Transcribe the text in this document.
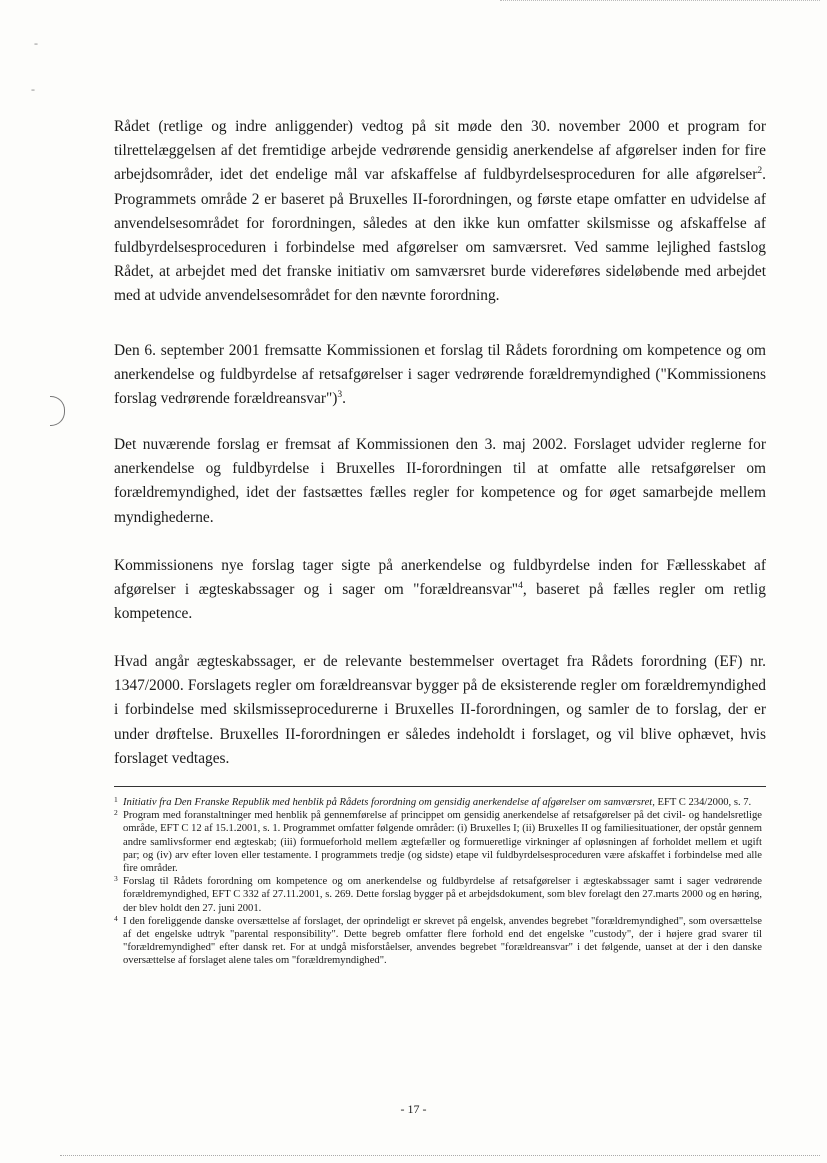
-
-

Rådet (retlige og indre anliggender) vedtog på sit møde den 30. november 2000 et program for tilrettelæggelsen af det fremtidige arbejde vedrørende gensidig anerkendelse af afgørelser inden for fire arbejdsområder, idet det endelige mål var afskaffelse af fuldbyrdelsesproceduren for alle afgørelser$^2$. Programmets område 2 er baseret på Bruxelles II-forordningen, og første etape omfatter en udvidelse af anvendelsesområdet for forordningen, således at den ikke kun omfatter skilsmisse og afskaffelse af fuldbyrdelsesproceduren i forbindelse med afgørelser om samværsret. Ved samme lejlighed fastslog Rådet, at arbejdet med det franske initiativ om samværsret burde videreføres sideløbende med arbejdet med at udvide anvendelsesområdet for den nævnte forordning.

Den 6. september 2001 fremsatte Kommissionen et forslag til Rådets forordning om kompetence og om anerkendelse og fuldbyrdelse af retsafgørelser i sager vedrørende forældremyndighed ("Kommissionens forslag vedrørende forældreansvar")$^3$.

Det nuværende forslag er fremsat af Kommissionen den 3. maj 2002. Forslaget udvider reglerne for anerkendelse og fuldbyrdelse i Bruxelles II-forordningen til at omfatte alle retsafgørelser om forældremyndighed, idet der fastsættes fælles regler for kompetence og for øget samarbejde mellem myndighederne.

Kommissionens nye forslag tager sigte på anerkendelse og fuldbyrdelse inden for Fællesskabet af afgørelser i ægteskabssager og i sager om "forældreansvar"$^4$, baseret på fælles regler om retlig kompetence.

Hvad angår ægteskabssager, er de relevante bestemmelser overtaget fra Rådets forordning (EF) nr. 1347/2000. Forslagets regler om forældreansvar bygger på de eksisterende regler om forældremyndighed i forbindelse med skilsmisseprocedurerne i Bruxelles II-forordningen, og samler de to forslag, der er under drøftelse. Bruxelles II-forordningen er således indeholdt i forslaget, og vil blive ophævet, hvis forslaget vedtages.

1 Initiativ fra Den Franske Republik med henblik på Rådets forordning om gensidig anerkendelse af afgørelser om samværsret, EFT C 234/2000, s. 7.

2 Program med foranstaltninger med henblik på gennemførelse af princippet om gensidig anerkendelse af retsafgørelser på det civil- og handelsretlige område, EFT C 12 af 15.1.2001, s. 1. Programmet omfatter følgende områder: (i) Bruxelles I; (ii) Bruxelles II og familiesituationer, der opstår gennem andre samlivsformer end ægteskab; (iii) formueforhold mellem ægtefæller og formueretlige virkninger af opløsningen af forholdet mellem et ugift par; og (iv) arv efter loven eller testamente. I programmets tredje (og sidste) etape vil fuldbyrdelsesproceduren være afskaffet i forbindelse med alle fire områder.

3 Forslag til Rådets forordning om kompetence og om anerkendelse og fuldbyrdelse af retsafgørelser i ægteskabssager samt i sager vedrørende forældremyndighed, EFT C 332 af 27.11.2001, s. 269. Dette forslag bygger på et arbejdsdokument, som blev forelagt den 27.marts 2000 og en høring, der blev holdt den 27. juni 2001.

4 I den foreliggende danske oversættelse af forslaget, der oprindeligt er skrevet på engelsk, anvendes begrebet "forældremyndighed", som oversættelse af det engelske udtryk "parental responsibility". Dette begreb omfatter flere forhold end det engelske "custody", der i højere grad svarer til "forældremyndighed" efter dansk ret. For at undgå misforståelser, anvendes begrebet "forældreansvar" i det følgende, uanset at der i den danske oversættelse af forslaget alene tales om "forældremyndighed".

- 17 -
